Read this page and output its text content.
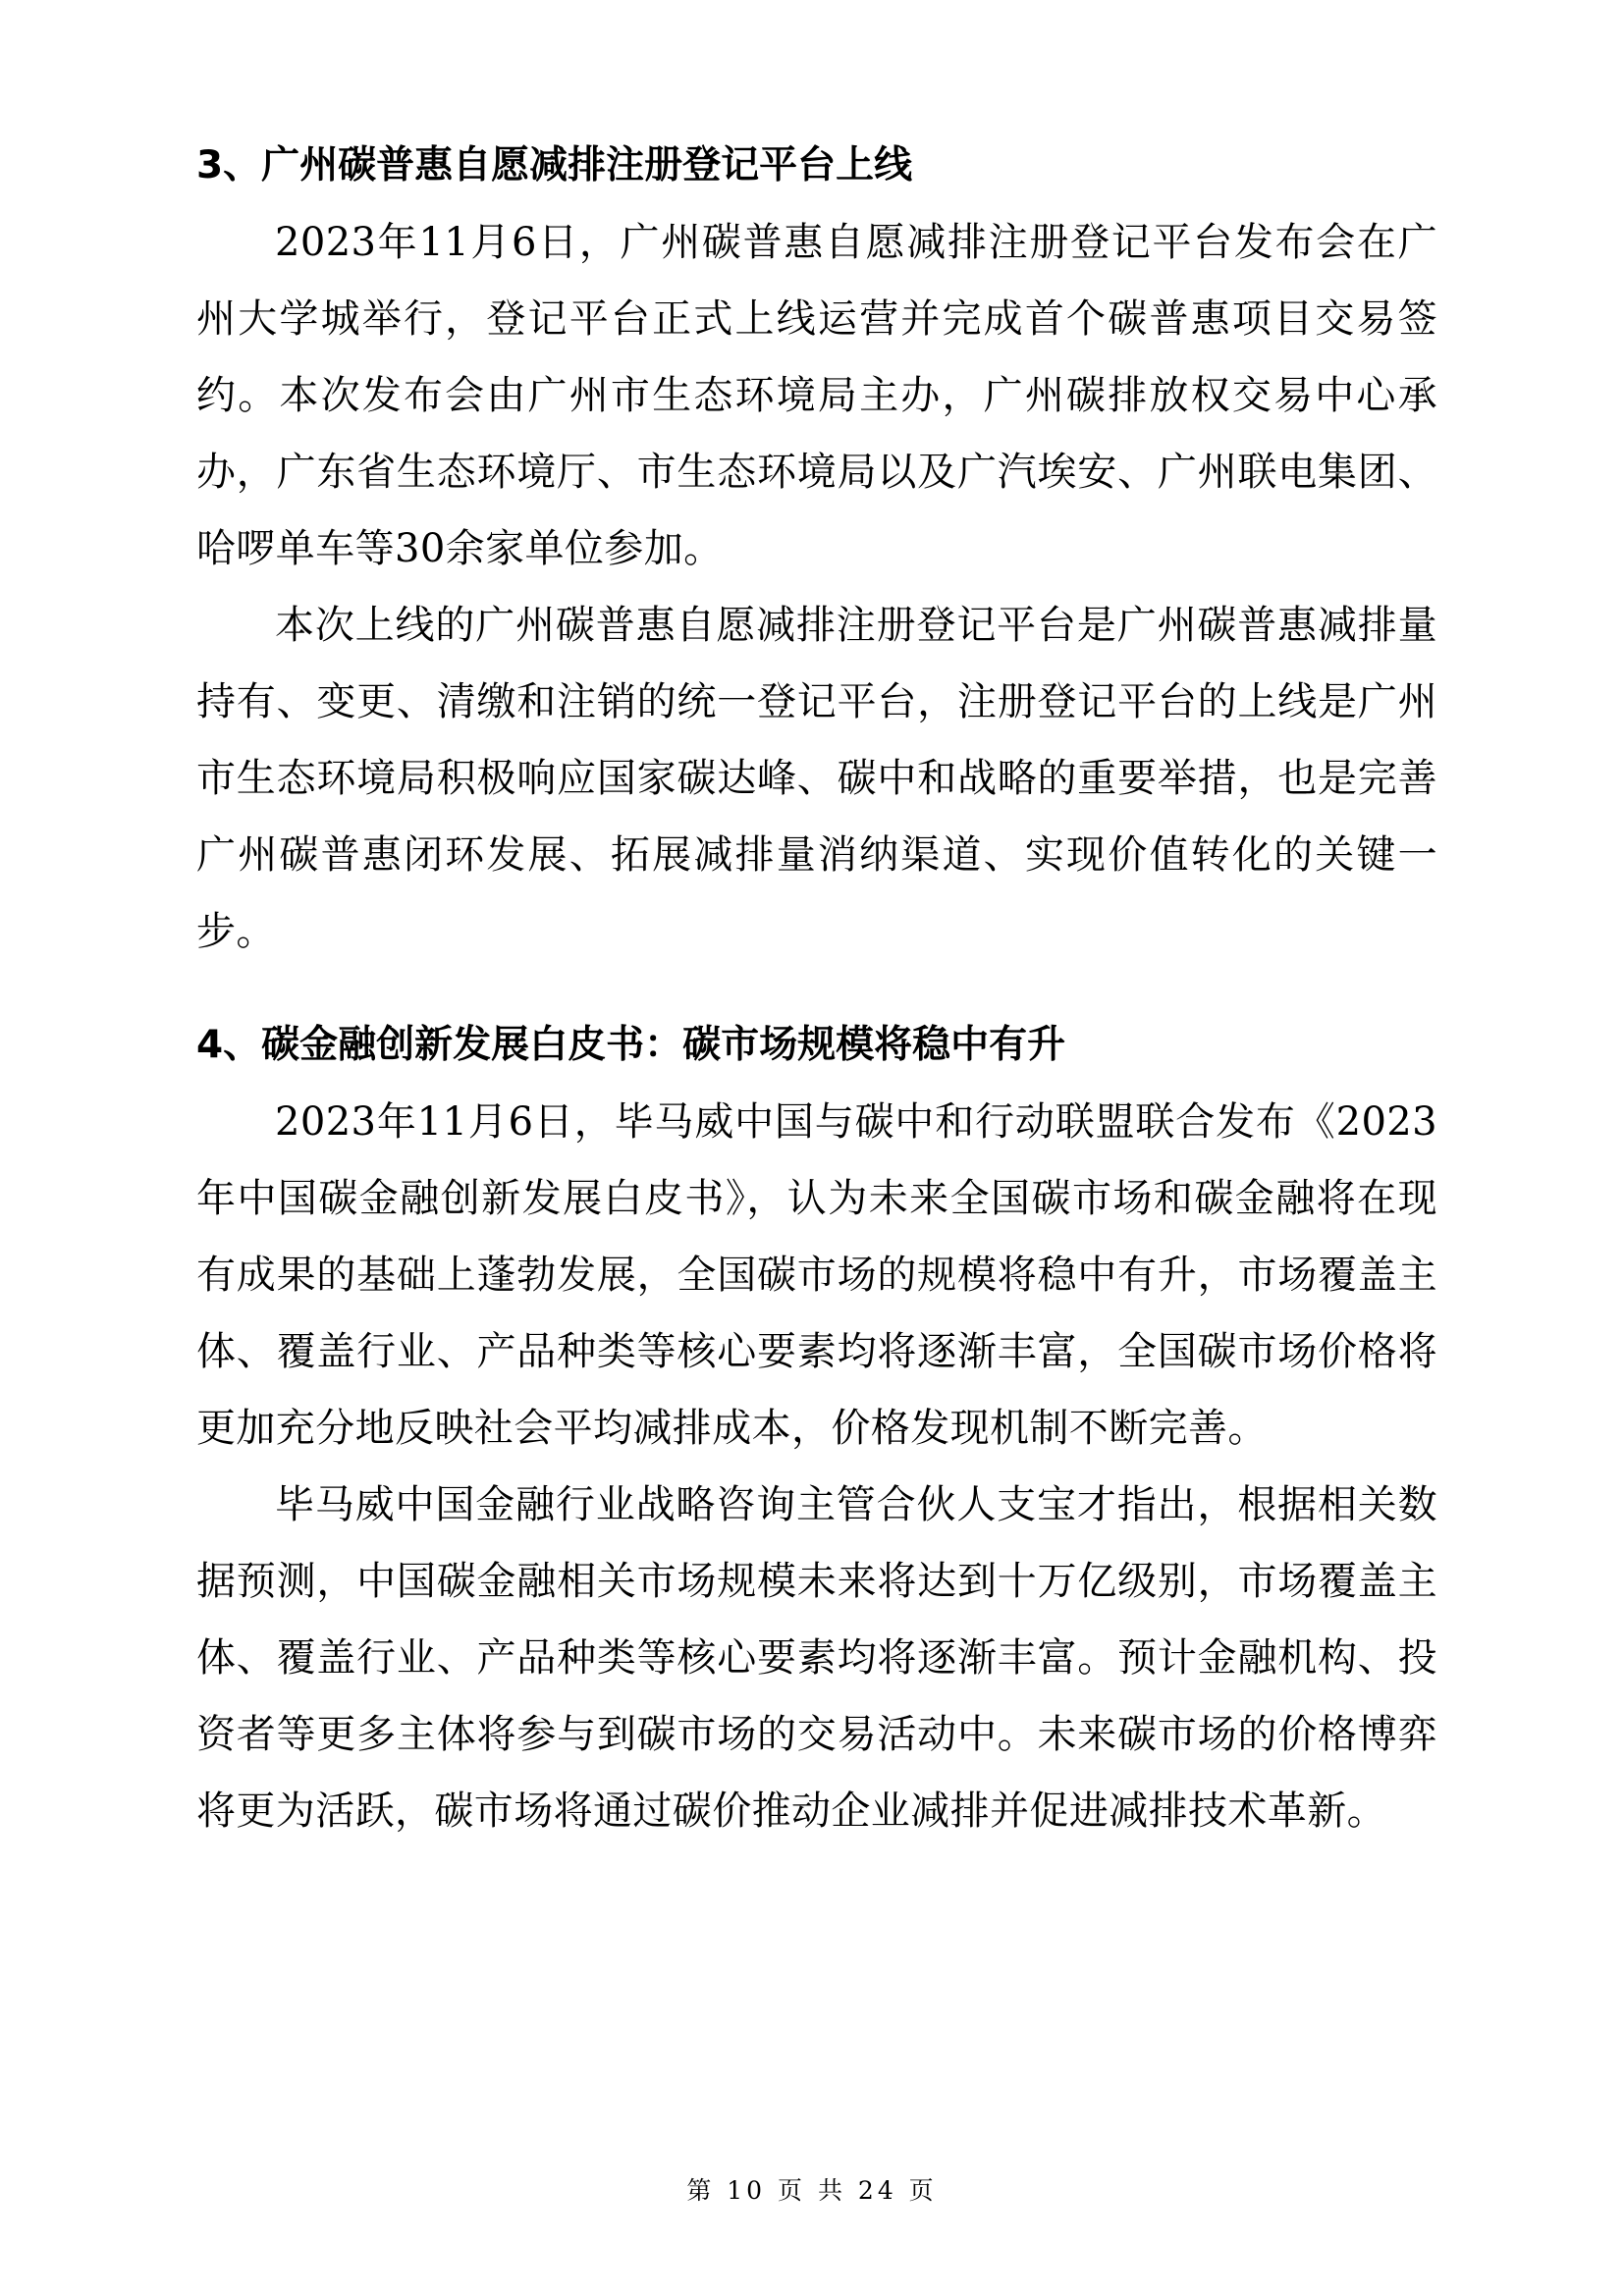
3、广州碳普惠自愿减排注册登记平台上线

2023年11月6日，广州碳普惠自愿减排注册登记平台发布会在广州大学城举行，登记平台正式上线运营并完成首个碳普惠项目交易签约。本次发布会由广州市生态环境局主办，广州碳排放权交易中心承办，广东省生态环境厅、市生态环境局以及广汽埃安、广州联电集团、哈啰单车等30余家单位参加。

本次上线的广州碳普惠自愿减排注册登记平台是广州碳普惠减排量持有、变更、清缴和注销的统一登记平台，注册登记平台的上线是广州市生态环境局积极响应国家碳达峰、碳中和战略的重要举措，也是完善广州碳普惠闭环发展、拓展减排量消纳渠道、实现价值转化的关键一步。

4、碳金融创新发展白皮书：碳市场规模将稳中有升

2023年11月6日，毕马威中国与碳中和行动联盟联合发布《2023年中国碳金融创新发展白皮书》，认为未来全国碳市场和碳金融将在现有成果的基础上蓬勃发展，全国碳市场的规模将稳中有升，市场覆盖主体、覆盖行业、产品种类等核心要素均将逐渐丰富，全国碳市场价格将更加充分地反映社会平均减排成本，价格发现机制不断完善。

毕马威中国金融行业战略咨询主管合伙人支宝才指出，根据相关数据预测，中国碳金融相关市场规模未来将达到十万亿级别，市场覆盖主体、覆盖行业、产品种类等核心要素均将逐渐丰富。预计金融机构、投资者等更多主体将参与到碳市场的交易活动中。未来碳市场的价格博弈将更为活跃，碳市场将通过碳价推动企业减排并促进减排技术革新。

第 10 页 共 24 页
